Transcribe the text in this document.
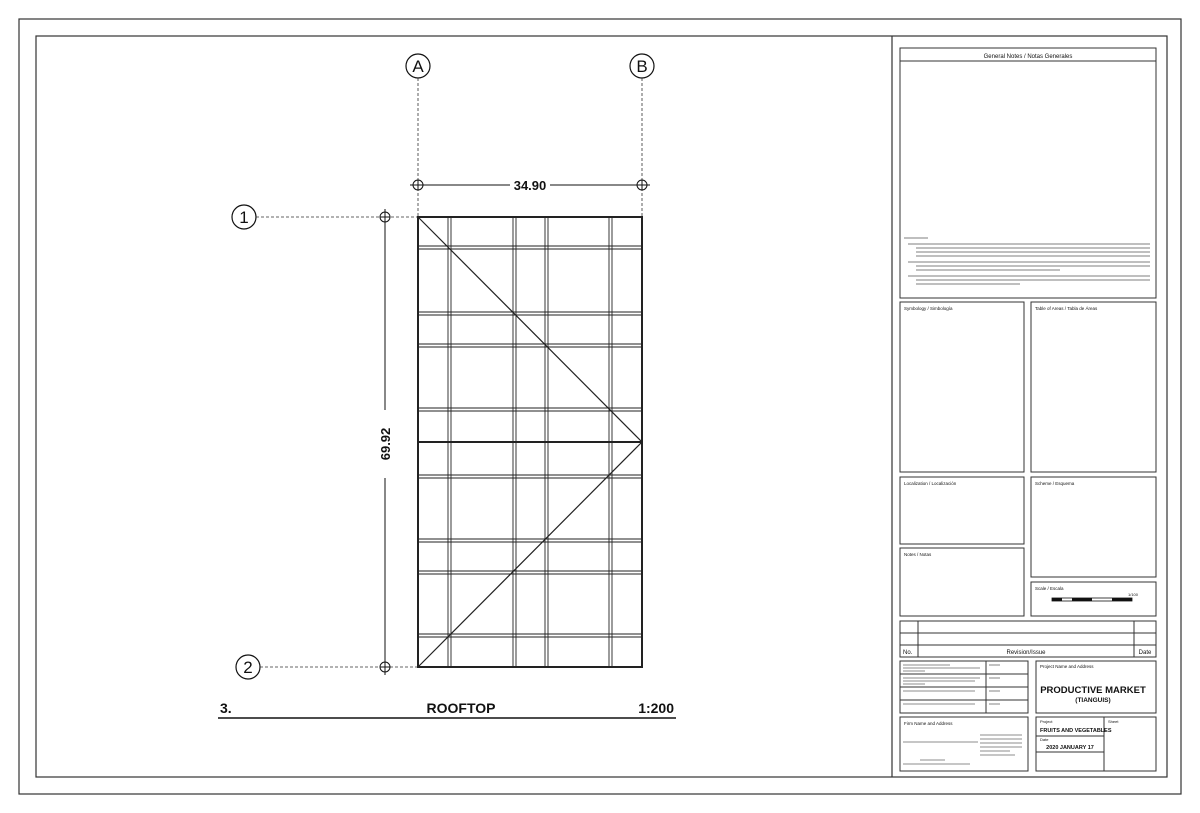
A	B
1
2
34.90
69.92
3.	ROOFTOP	1:200
General Notes / Notas Generales
Symbology / Simbología	Table of Areas / Tabla de Áreas
Localization / Localización	Scheme / Esquema
Notes / Notas
Scale / Escala
1/100
No.	Revision/Issue	Date
Project Name and Address
PRODUCTIVE MARKET
(TIANGUIS)
Firm Name and Address	Project
FRUITS AND VEGETABLES
Date
2020 JANUARY 17
Sheet
